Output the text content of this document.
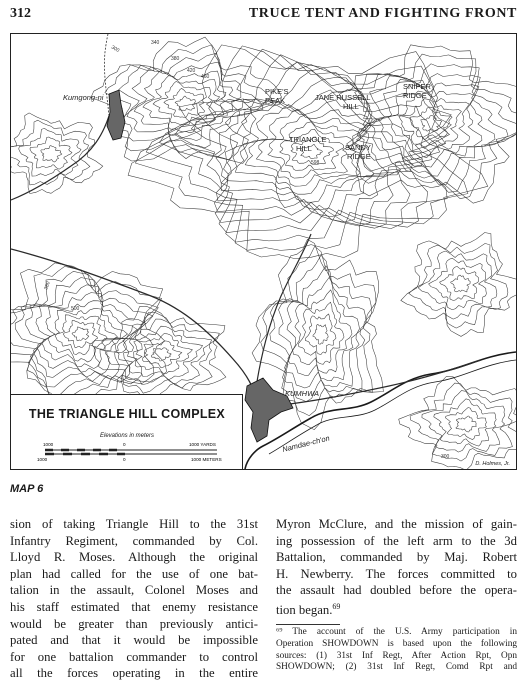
312	TRUCE TENT AND FIGHTING FRONT
PIKE'S
PEAK	JANE RUSSELL
HILL
SNIPER
RIDGE
TRIANGLE
HILL	SANDY
RIDGE
Kumgong-ni
KUMHWA
Namdae-ch'on
598
300
340
380
420
460
500
380
300
THE TRIANGLE HILL COMPLEX
Elevations in meters
1000	0	1000 YARDS
1000	0	1000 METERS
D. Holmes, Jr.
MAP 6
sion of taking Triangle Hill to the 31st
Infantry Regiment, commanded by Col.
Lloyd R. Moses. Although the original
plan had called for the use of one bat-
talion in the assault, Colonel Moses and
his staff estimated that enemy resistance
would be greater than previously antici-
pated and that it would be impossible
for one battalion commander to control
all the forces operating in the entire
Myron McClure, and the mission of gain-
ing possession of the left arm to the 3d
Battalion, commanded by Maj. Robert
H. Newberry. The forces committed to
the assault had doubled before the opera-
tion began.$^{69}$
⁶⁹ The account of the U.S. Army participation in
Operation SHOWDOWN is based upon the following
sources: (1) 31st Inf Regt, After Action Rpt, Opn
SHOWDOWN; (2) 31st Inf Regt, Comd Rpt and
